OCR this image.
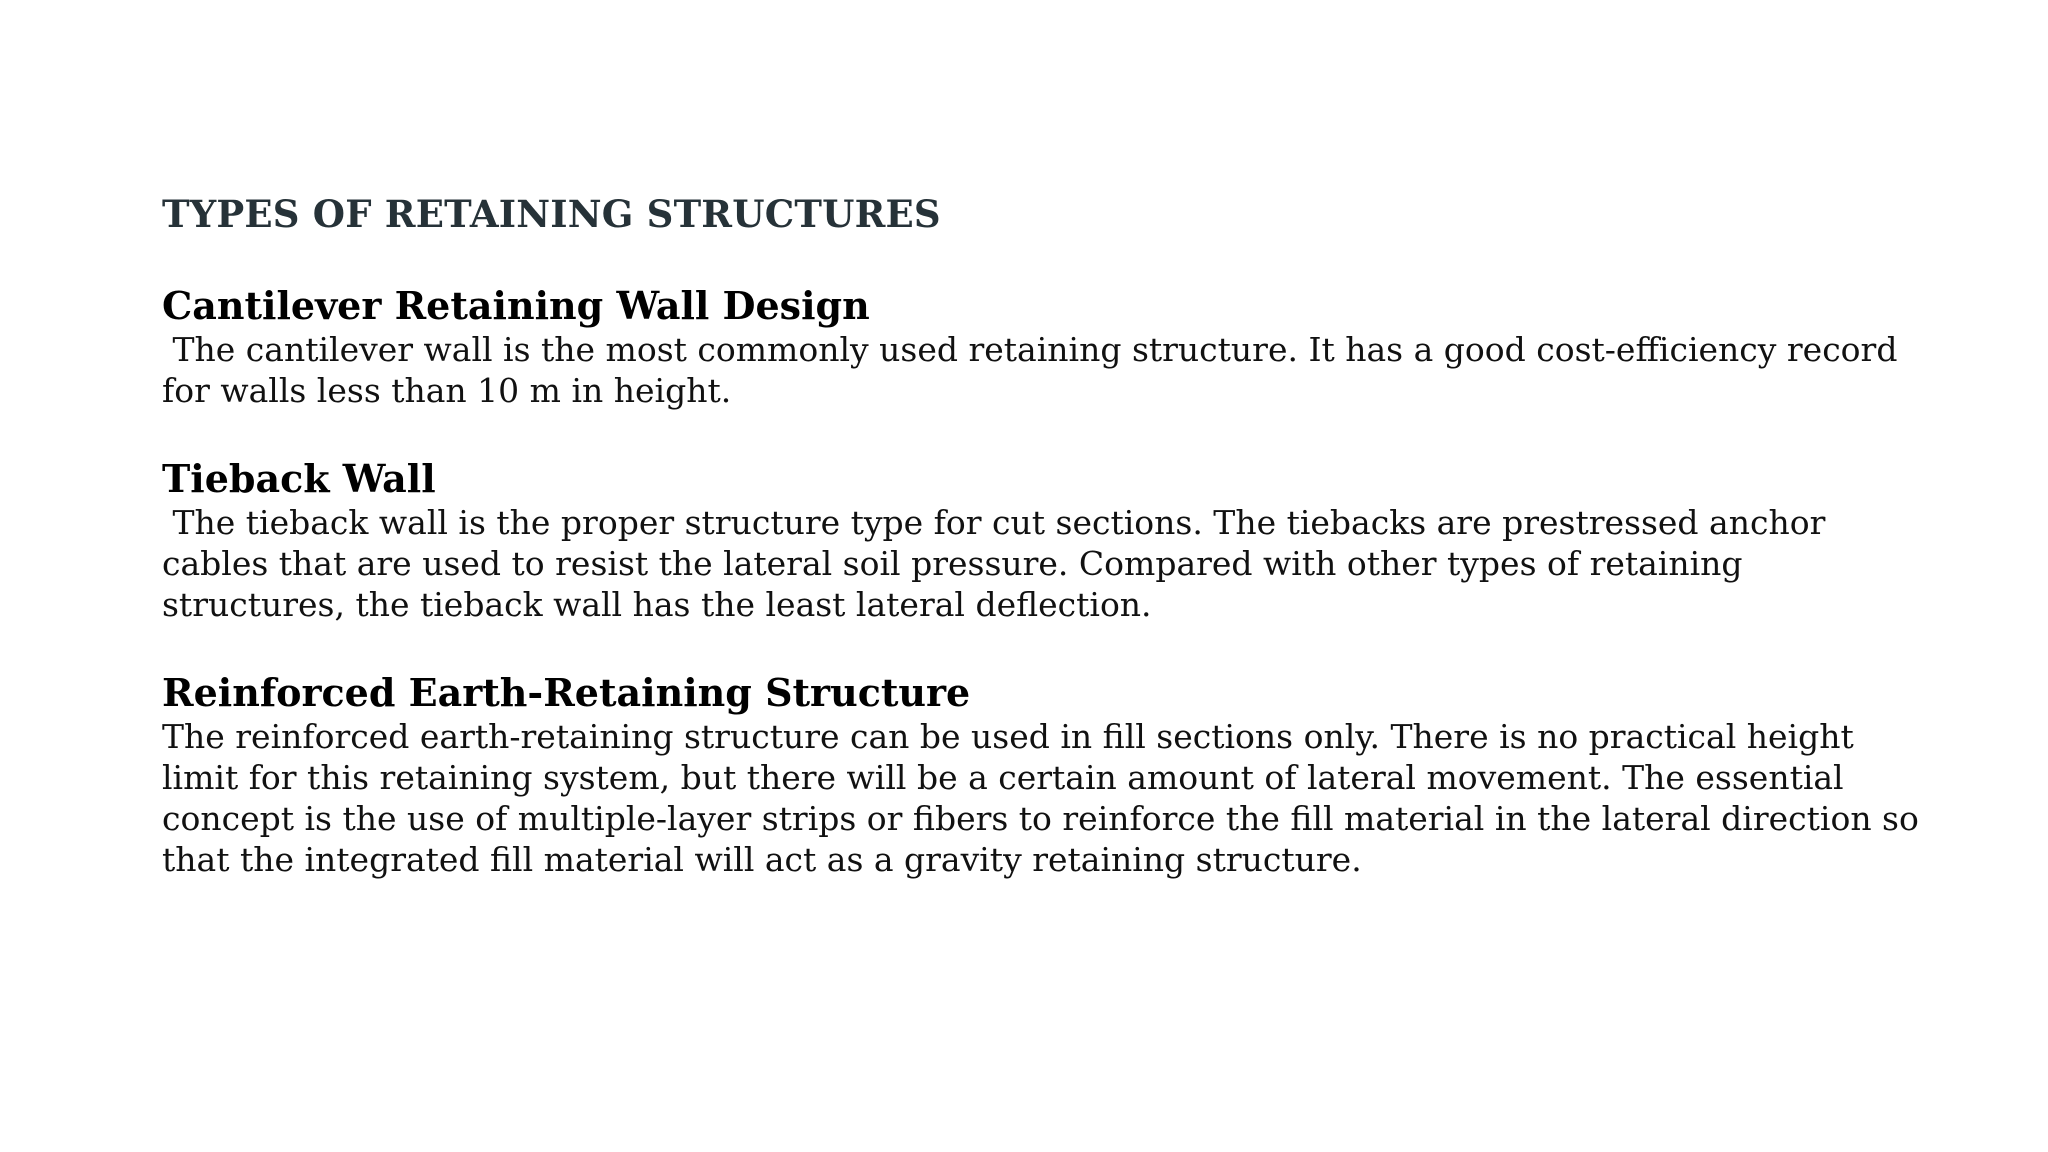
TYPES OF RETAINING STRUCTURES
Cantilever Retaining Wall Design

The cantilever wall is the most commonly used retaining structure. It has a good cost-efficiency record for walls less than 10 m in height.

Tieback Wall

The tieback wall is the proper structure type for cut sections. The tiebacks are prestressed anchor cables that are used to resist the lateral soil pressure. Compared with other types of retaining structures, the tieback wall has the least lateral deflection.

Reinforced Earth-Retaining Structure

The reinforced earth-retaining structure can be used in fill sections only. There is no practical height limit for this retaining system, but there will be a certain amount of lateral movement. The essential concept is the use of multiple-layer strips or fibers to reinforce the fill material in the lateral direction so that the integrated fill material will act as a gravity retaining structure.
